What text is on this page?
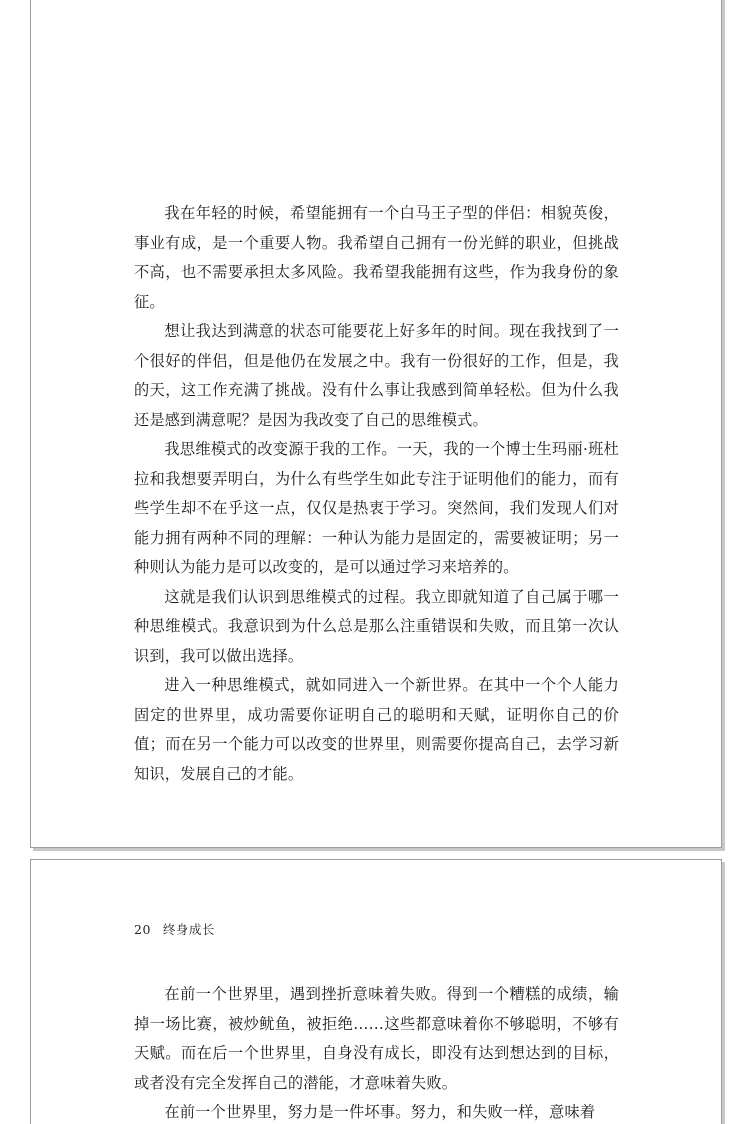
我在年轻的时候，希望能拥有一个白马王子型的伴侣：相貌英俊，事业有成，是一个重要人物。我希望自己拥有一份光鲜的职业，但挑战不高，也不需要承担太多风险。我希望我能拥有这些，作为我身份的象征。

想让我达到满意的状态可能要花上好多年的时间。现在我找到了一个很好的伴侣，但是他仍在发展之中。我有一份很好的工作，但是，我的天，这工作充满了挑战。没有什么事让我感到简单轻松。但为什么我还是感到满意呢？是因为我改变了自己的思维模式。

我思维模式的改变源于我的工作。一天，我的一个博士生玛丽·班杜拉和我想要弄明白，为什么有些学生如此专注于证明他们的能力，而有些学生却不在乎这一点，仅仅是热衷于学习。突然间，我们发现人们对能力拥有两种不同的理解：一种认为能力是固定的，需要被证明；另一种则认为能力是可以改变的，是可以通过学习来培养的。

这就是我们认识到思维模式的过程。我立即就知道了自己属于哪一种思维模式。我意识到为什么总是那么注重错误和失败，而且第一次认识到，我可以做出选择。

进入一种思维模式，就如同进入一个新世界。在其中一个个人能力固定的世界里，成功需要你证明自己的聪明和天赋，证明你自己的价值；而在另一个能力可以改变的世界里，则需要你提高自己，去学习新知识，发展自己的才能。

20 终身成长

在前一个世界里，遇到挫折意味着失败。得到一个糟糕的成绩，输掉一场比赛，被炒鱿鱼，被拒绝……这些都意味着你不够聪明，不够有天赋。而在后一个世界里，自身没有成长，即没有达到想达到的目标，或者没有完全发挥自己的潜能，才意味着失败。

在前一个世界里，努力是一件坏事。努力，和失败一样，意味着
